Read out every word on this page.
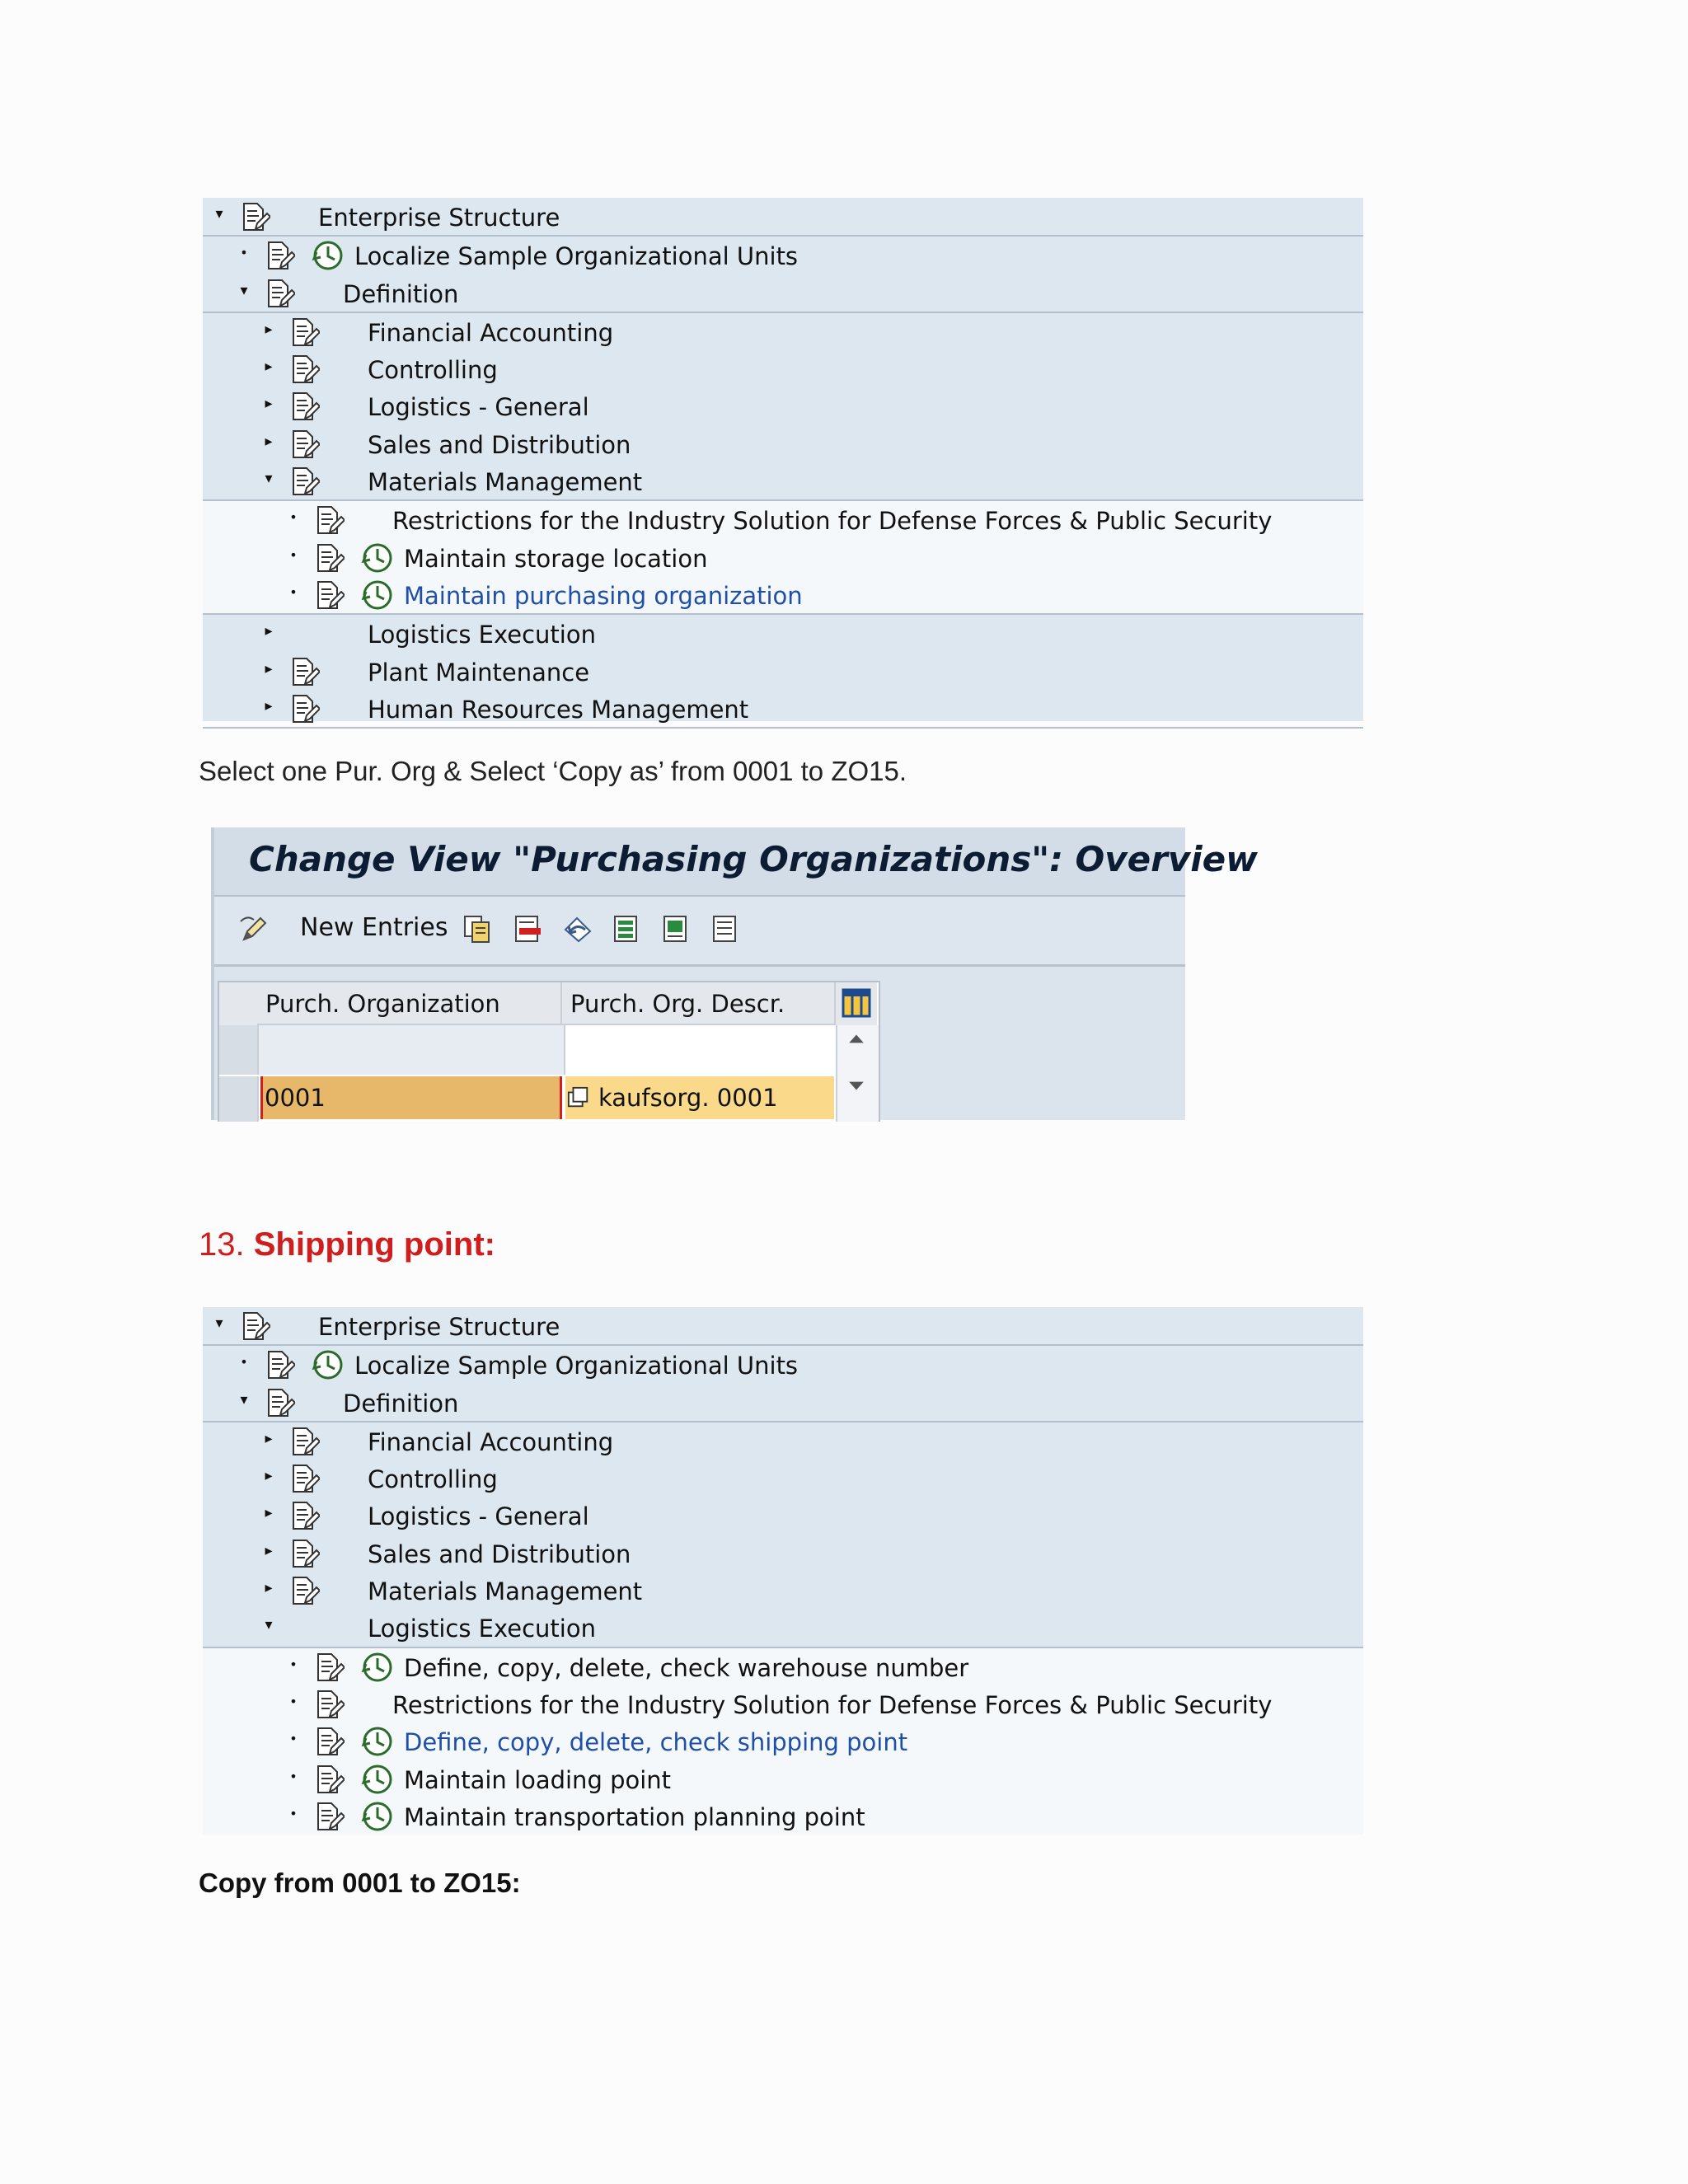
▾	Enterprise Structure
•	Localize Sample Organizational Units
▾	Definition
▸	Financial Accounting
▸	Controlling
▸	Logistics - General
▸	Sales and Distribution
▾	Materials Management
•	Restrictions for the Industry Solution for Defense Forces & Public Security
•	Maintain storage location
•	Maintain purchasing organization
▸	Logistics Execution
▸	Plant Maintenance
▸	Human Resources Management
Select one Pur. Org & Select ‘Copy as’ from 0001 to ZO15.
Change View "Purchasing Organizations": Overview
New Entries
Purch. Organization	Purch. Org. Descr.
0001	kaufsorg. 0001
13. Shipping point:
▾	Enterprise Structure
•	Localize Sample Organizational Units
▾	Definition
▸	Financial Accounting
▸	Controlling
▸	Logistics - General
▸	Sales and Distribution
▸	Materials Management
▾	Logistics Execution
•	Define, copy, delete, check warehouse number
•	Restrictions for the Industry Solution for Defense Forces & Public Security
•	Define, copy, delete, check shipping point
•	Maintain loading point
•	Maintain transportation planning point
Copy from 0001 to ZO15:
